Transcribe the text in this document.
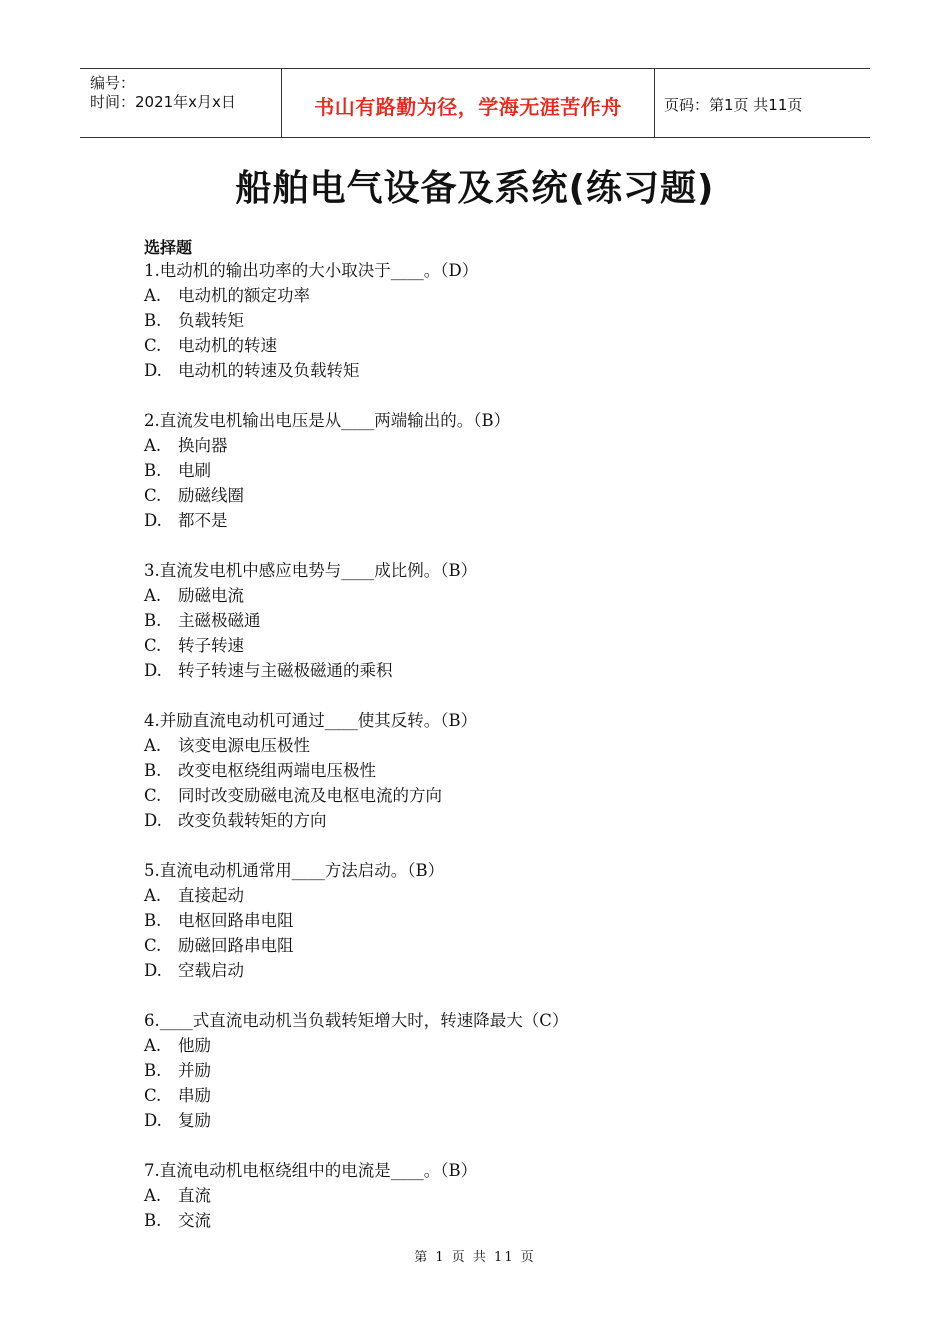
编号：
时间：2021年x月x日	书山有路勤为径，学海无涯苦作舟	页码：第1页 共11页
船舶电气设备及系统(练习题)
选择题
1.电动机的输出功率的大小取决于____。（D）
A. 电动机的额定功率
B. 负载转矩
C. 电动机的转速
D. 电动机的转速及负载转矩
2.直流发电机输出电压是从____两端输出的。（B）
A. 换向器
B. 电刷
C. 励磁线圈
D. 都不是
3.直流发电机中感应电势与____成比例。（B）
A. 励磁电流
B. 主磁极磁通
C. 转子转速
D. 转子转速与主磁极磁通的乘积
4.并励直流电动机可通过____使其反转。（B）
A. 该变电源电压极性
B. 改变电枢绕组两端电压极性
C. 同时改变励磁电流及电枢电流的方向
D. 改变负载转矩的方向
5.直流电动机通常用____方法启动。（B）
A. 直接起动
B. 电枢回路串电阻
C. 励磁回路串电阻
D. 空载启动
6.____式直流电动机当负载转矩增大时，转速降最大（C）
A. 他励
B. 并励
C. 串励
D. 复励
7.直流电动机电枢绕组中的电流是____。（B）
A. 直流
B. 交流
第 1 页 共 11 页
